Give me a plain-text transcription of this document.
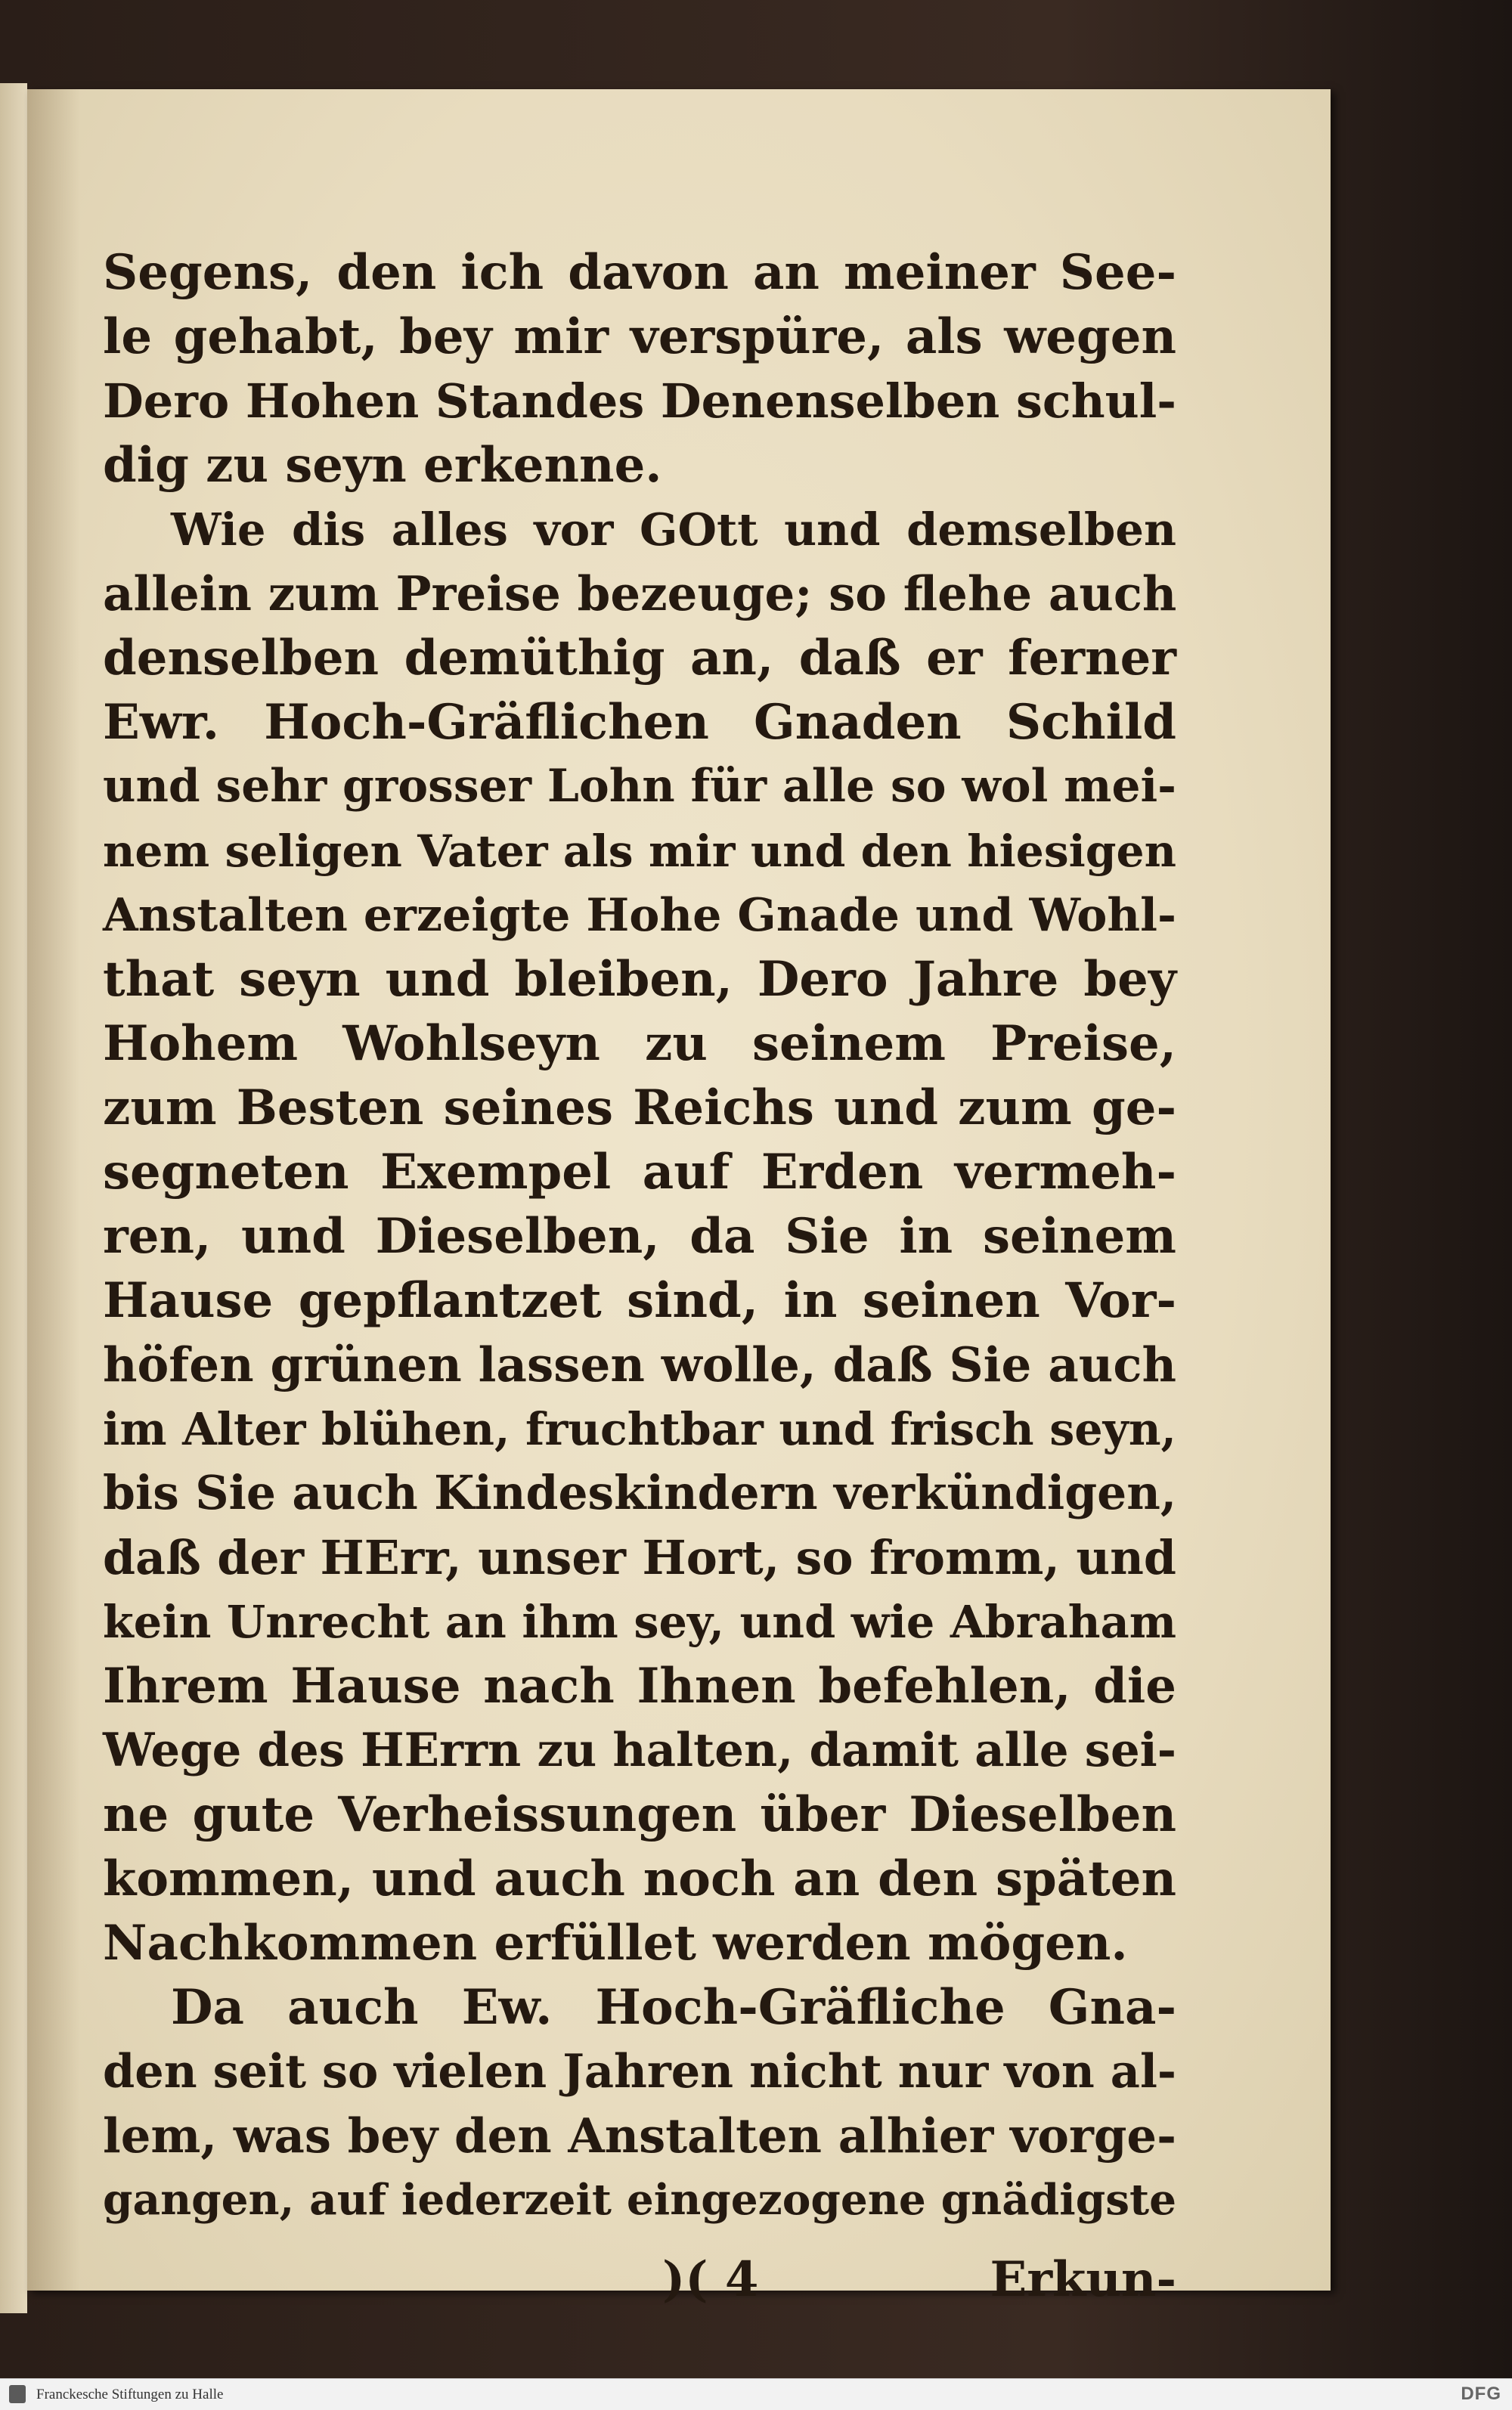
Segens, den ich davon an meiner See-
le gehabt, bey mir verspüre, als wegen
Dero Hohen Standes Denenselben schul-
dig zu seyn erkenne.
Wie dis alles vor GOtt und demselben
allein zum Preise bezeuge; so flehe auch
denselben demüthig an, daß er ferner
Ewr. Hoch-Gräflichen Gnaden Schild
und sehr grosser Lohn für alle so wol mei-
nem seligen Vater als mir und den hiesigen
Anstalten erzeigte Hohe Gnade und Wohl-
that seyn und bleiben, Dero Jahre bey
Hohem Wohlseyn zu seinem Preise,
zum Besten seines Reichs und zum ge-
segneten Exempel auf Erden vermeh-
ren, und Dieselben, da Sie in seinem
Hause gepflantzet sind, in seinen Vor-
höfen grünen lassen wolle, daß Sie auch
im Alter blühen, fruchtbar und frisch seyn,
bis Sie auch Kindeskindern verkündigen,
daß der HErr, unser Hort, so fromm, und
kein Unrecht an ihm sey, und wie Abraham
Ihrem Hause nach Ihnen befehlen, die
Wege des HErrn zu halten, damit alle sei-
ne gute Verheissungen über Dieselben
kommen, und auch noch an den späten
Nachkommen erfüllet werden mögen.
Da auch Ew. Hoch-Gräfliche Gna-
den seit so vielen Jahren nicht nur von al-
lem, was bey den Anstalten alhier vorge-
gangen, auf iederzeit eingezogene gnädigste
)( 4	Erkun-
Franckesche Stiftungen zu Halle	DFG
